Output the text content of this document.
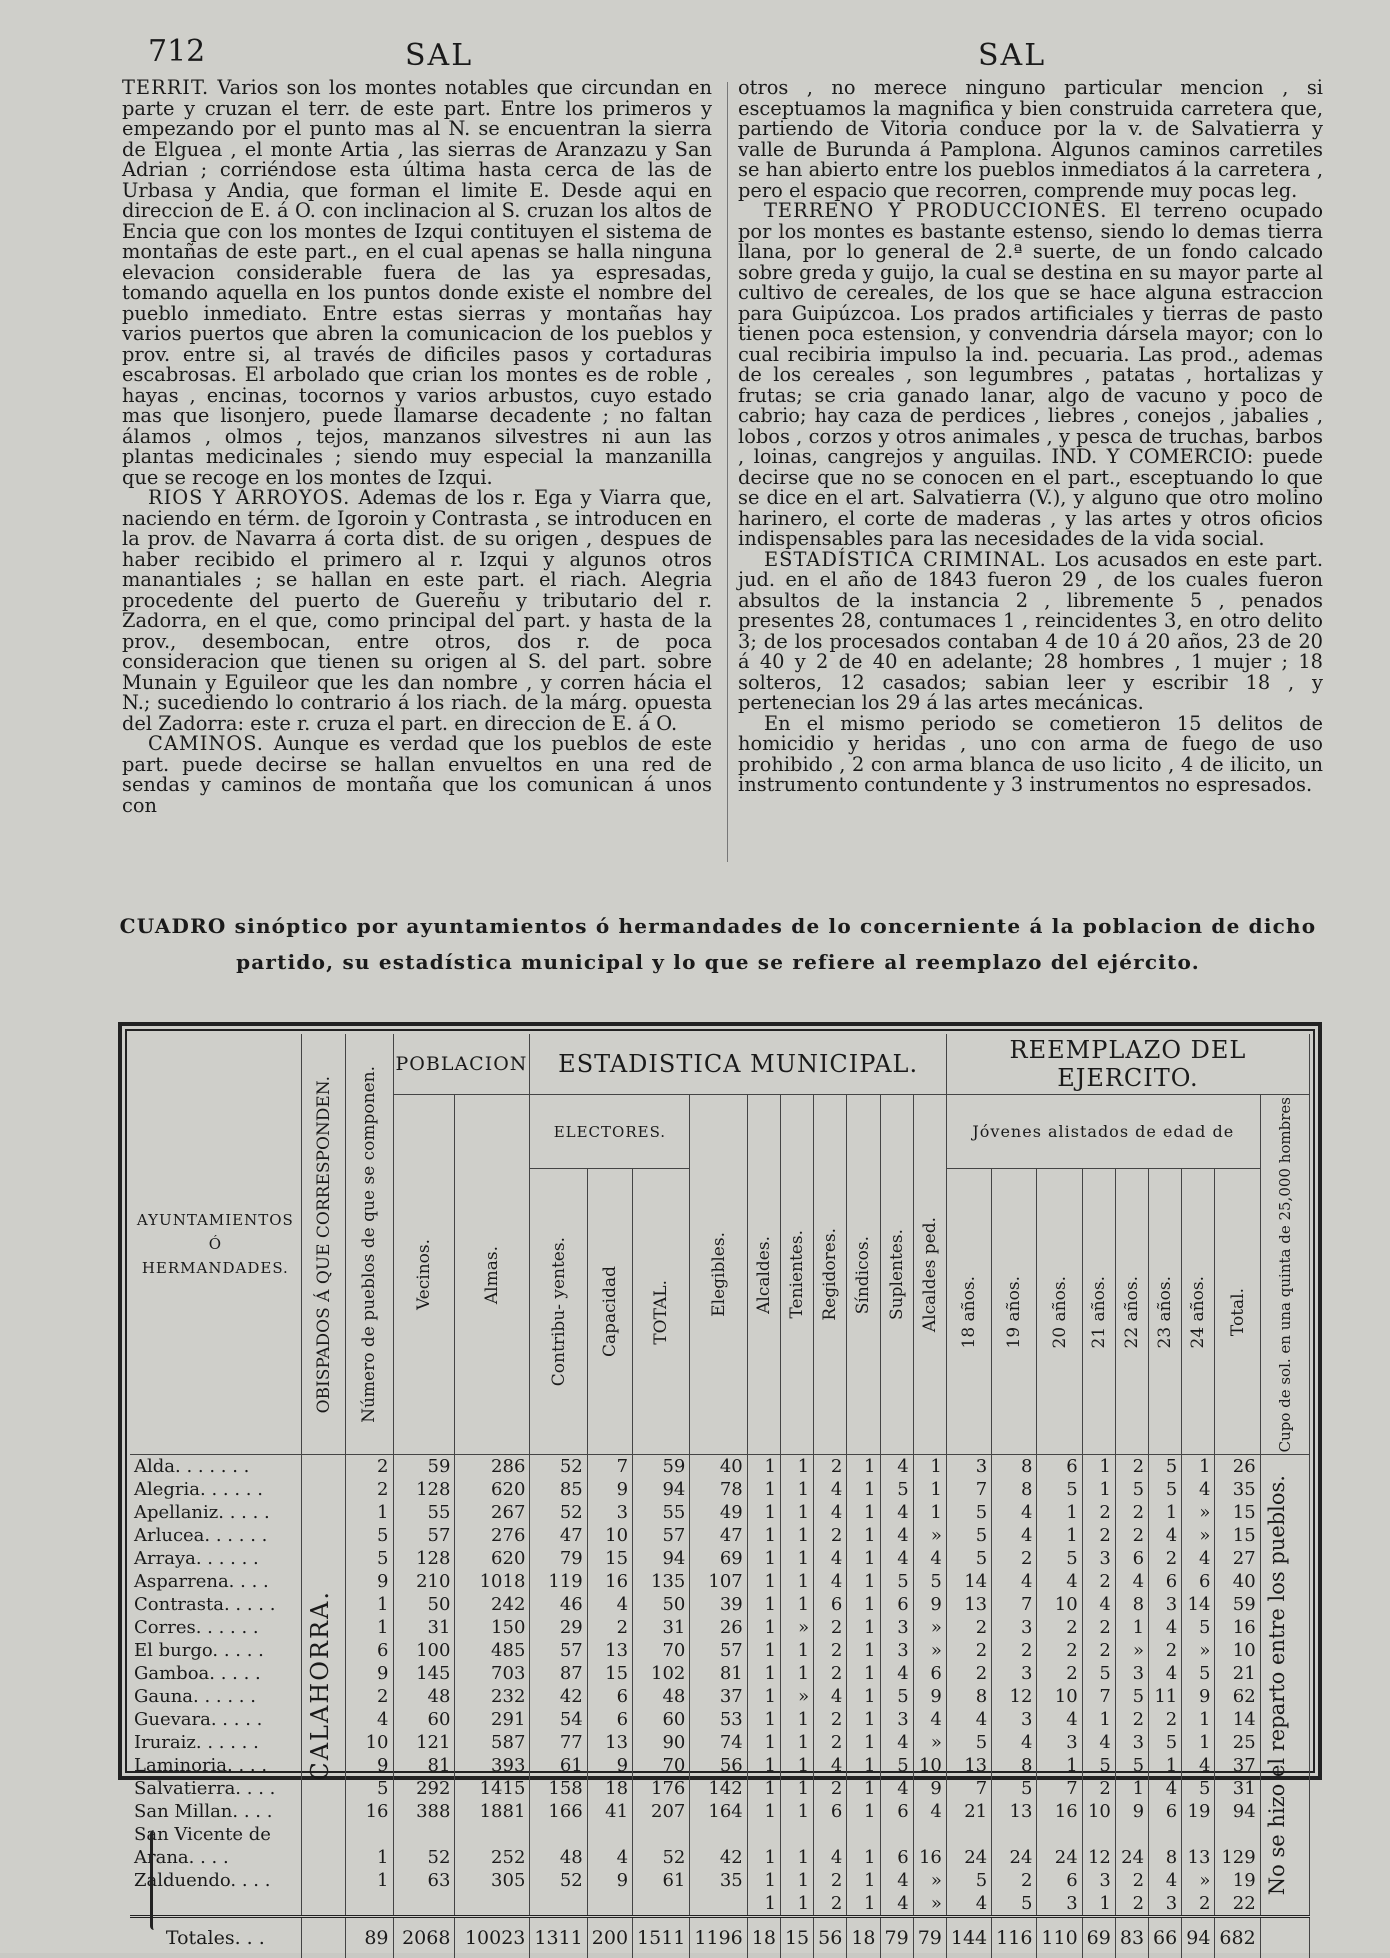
712	SAL	SAL

TERRIT. Varios son los montes notables que circundan en parte y cruzan el terr. de este part. Entre los primeros y empezando por el punto mas al N. se encuentran la sierra de Elguea , el monte Artia , las sierras de Aranzazu y San Adrian ; corriéndose esta última hasta cerca de las de Urbasa y Andia, que forman el limite E. Desde aqui en direccion de E. á O. con inclinacion al S. cruzan los altos de Encia que con los montes de Izqui contituyen el sistema de montañas de este part., en el cual apenas se halla ninguna elevacion considerable fuera de las ya espresadas, tomando aquella en los puntos donde existe el nombre del pueblo inmediato. Entre estas sierras y montañas hay varios puertos que abren la comunicacion de los pueblos y prov. entre si, al través de dificiles pasos y cortaduras escabrosas. El arbolado que crian los montes es de roble , hayas , encinas, tocornos y varios arbustos, cuyo estado mas que lisonjero, puede llamarse decadente ; no faltan álamos , olmos , tejos, manzanos silvestres ni aun las plantas medicinales ; siendo muy especial la manzanilla que se recoge en los montes de Izqui.

RIOS Y ARROYOS. Ademas de los r. Ega y Viarra que, naciendo en térm. de Igoroin y Contrasta , se introducen en la prov. de Navarra á corta dist. de su origen , despues de haber recibido el primero al r. Izqui y algunos otros manantiales ; se hallan en este part. el riach. Alegria procedente del puerto de Guereñu y tributario del r. Zadorra, en el que, como principal del part. y hasta de la prov., desembocan, entre otros, dos r. de poca consideracion que tienen su origen al S. del part. sobre Munain y Eguileor que les dan nombre , y corren hácia el N.; sucediendo lo contrario á los riach. de la márg. opuesta del Zadorra: este r. cruza el part. en direccion de E. á O.

CAMINOS. Aunque es verdad que los pueblos de este part. puede decirse se hallan envueltos en una red de sendas y caminos de montaña que los comunican á unos con

otros , no merece ninguno particular mencion , si esceptuamos la magnifica y bien construida carretera que, partiendo de Vitoria conduce por la v. de Salvatierra y valle de Burunda á Pamplona. Algunos caminos carretiles se han abierto entre los pueblos inmediatos á la carretera , pero el espacio que recorren, comprende muy pocas leg.

TERRENO Y PRODUCCIONES. El terreno ocupado por los montes es bastante estenso, siendo lo demas tierra llana, por lo general de 2.ª suerte, de un fondo calcado sobre greda y guijo, la cual se destina en su mayor parte al cultivo de cereales, de los que se hace alguna estraccion para Guipúzcoa. Los prados artificiales y tierras de pasto tienen poca estension, y convendria dársela mayor; con lo cual recibiria impulso la ind. pecuaria. Las prod., ademas de los cereales , son legumbres , patatas , hortalizas y frutas; se cria ganado lanar, algo de vacuno y poco de cabrio; hay caza de perdices , liebres , conejos , jabalies , lobos , corzos y otros animales , y pesca de truchas, barbos , loinas, cangrejos y anguilas. IND. Y COMERCIO: puede decirse que no se conocen en el part., esceptuando lo que se dice en el art. Salvatierra (V.), y alguno que otro molino harinero, el corte de maderas , y las artes y otros oficios indispensables para las necesidades de la vida social.

ESTADÍSTICA CRIMINAL. Los acusados en este part. jud. en el año de 1843 fueron 29 , de los cuales fueron absultos de la instancia 2 , libremente 5 , penados presentes 28, contumaces 1 , reincidentes 3, en otro delito 3; de los procesados contaban 4 de 10 á 20 años, 23 de 20 á 40 y 2 de 40 en adelante; 28 hombres , 1 mujer ; 18 solteros, 12 casados; sabian leer y escribir 18 , y pertenecian los 29 á las artes mecánicas.

En el mismo periodo se cometieron 15 delitos de homicidio y heridas , uno con arma de fuego de uso prohibido , 2 con arma blanca de uso licito , 4 de ilicito, un instrumento contundente y 3 instrumentos no espresados.

CUADRO sinóptico por ayuntamientos ó hermandades de lo concerniente á la poblacion de dicho partido, su estadística municipal y lo que se refiere al reemplazo del ejército.
AYUNTAMIENTOS
Ó
HERMANDADES.	OBISPADOS Á QUE CORRESPONDEN.	Número de pueblos de que se componen.	POBLACION		ESTADISTICA MUNICIPAL.										REEMPLAZO DEL EJERCITO.								

			Vecinos.	Almas.	ELECTORES.			Elegibles.	Alcaldes.	Tenientes.	Regidores.	Síndicos.	Suplentes.	Alcaldes ped.	Jóvenes alistados de edad de								Cupo de sol. en una quinta de 25,000 hombres

					Contribu- yentes.	Capacidad	TOTAL.								18 años.	19 años.	20 años.	21 años.	22 años.	23 años.	24 años.	Total.	

Alda. . . . . . .	CALAHORRA.	2	59	286	52	7	59	40	1	1	2	1	4	1	3	8	6	1	2	5	1	26	No se hizo el reparto entre los pueblos.

Alegria. . . . . .		2	128	620	85	9	94	78	1	1	4	1	5	1	7	8	5	1	5	5	4	35	
Apellaniz. . . . .		1	55	267	52	3	55	49	1	1	4	1	4	1	5	4	1	2	2	1	»	15	
Arlucea. . . . . .		5	57	276	47	10	57	47	1	1	2	1	4	»	5	4	1	2	2	4	»	15	
Arraya. . . . . .		5	128	620	79	15	94	69	1	1	4	1	4	4	5	2	5	3	6	2	4	27	
Asparrena. . . .		9	210	1018	119	16	135	107	1	1	4	1	5	5	14	4	4	2	4	6	6	40	
Contrasta. . . . .		1	50	242	46	4	50	39	1	1	6	1	6	9	13	7	10	4	8	3	14	59	
Corres. . . . . .		1	31	150	29	2	31	26	1	»	2	1	3	»	2	3	2	2	1	4	5	16	
El burgo. . . . .		6	100	485	57	13	70	57	1	1	2	1	3	»	2	2	2	2	»	2	»	10	
Gamboa. . . . .		9	145	703	87	15	102	81	1	1	2	1	4	6	2	3	2	5	3	4	5	21	
Gauna. . . . . .		2	48	232	42	6	48	37	1	»	4	1	5	9	8	12	10	7	5	11	9	62	
Guevara. . . . .		4	60	291	54	6	60	53	1	1	2	1	3	4	4	3	4	1	2	2	1	14	
Iruraiz. . . . . .		10	121	587	77	13	90	74	1	1	2	1	4	»	5	4	3	4	3	5	1	25	
Laminoria. . . .		9	81	393	61	9	70	56	1	1	4	1	5	10	13	8	1	5	5	1	4	37	
Salvatierra. . . .		5	292	1415	158	18	176	142	1	1	2	1	4	9	7	5	7	2	1	4	5	31	
San Millan. . . .		16	388	1881	166	41	207	164	1	1	6	1	6	4	21	13	16	10	9	6	19	94	
San Vicente de																							
Arana. . . .		1	52	252	48	4	52	42	1	1	4	1	6	16	24	24	24	12	24	8	13	129	
Zalduendo. . . .		1	63	305	52	9	61	35	1	1	2	1	4	»	5	2	6	3	2	4	»	19	
									1	1	2	1	4	»	4	5	3	1	2	3	2	22	
Totales. . .		89	2068	10023	1311	200	1511	1196	18	15	56	18	79	79	144	116	110	69	83	66	94	682	
